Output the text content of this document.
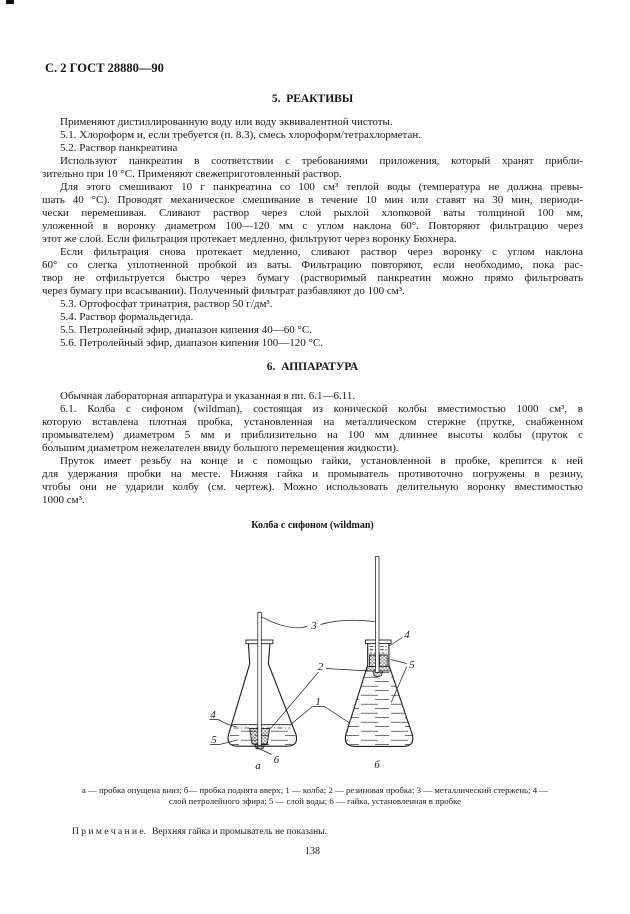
С. 2 ГОСТ 28880—90
5.  РЕАКТИВЫ
Применяют дистиллированную воду или воду эквивалентной чистоты.
5.1. Хлороформ и, если требуется (п. 8.3), смесь хлороформ/тетрахлорметан.
5.2. Раствор панкреатина
Используют панкреатин в соответствии с требованиями приложения, который хранят прибли-
зительно при 10 °С. Применяют свежеприготовленный раствор.
Для этого смешивают 10 г панкреатина со 100 см³ теплой воды (температура не должна превы-
шать 40 °С). Проводят механическое смешивание в течение 10 мин или ставят на 30 мин, периоди-
чески перемешивая. Сливают раствор через слой рыхлой хлопковой ваты толщиной 100 мм,
уложенной в воронку диаметром 100—120 мм с углом наклона 60°. Повторяют фильтрацию через
этот же слой. Если фильтрация протекает медленно, фильтруют через воронку Бюхнера.
Если фильтрация снова протекает медленно, сливают раствор через воронку с углом наклона
60° со слегка уплотненной пробкой из ваты. Фильтрацию повторяют, если необходимо, пока рас-
твор не отфильтруется быстро через бумагу (растворимый панкреатин можно прямо фильтровать
через бумагу при всасывании). Полученный фильтрат разбавляют до 100 см³.
5.3. Ортофосфат тринатрия, раствор 50 г/дм³.
5.4. Раствор формальдегида.
5.5. Петролейный эфир, диапазон кипения 40—60 °С.
5.6. Петролейный эфир, диапазон кипения 100—120 °С.
6.  АППАРАТУРА
Обычная лабораторная аппаратура и указанная в пп. 6.1—6.11.
6.1. Колба с сифоном (wildman), состоящая из конической колбы вместимостью 1000 см³, в
которую вставлена плотная пробка, установленная на металлическом стержне (прутке, снабженном
промывателем) диаметром 5 мм и приблизительно на 100 мм длиннее высоты колбы (пруток с
бо́льшим диаметром нежелателен ввиду большого перемещения жидкости).
Пруток имеет резьбу на конце и с помощью гайки, установленной в пробке, крепится к ней
для удержания пробки на месте. Нижняя гайка и промыватель противоточно погружены в резину,
чтобы они не ударили колбу (см. чертеж). Можно использовать делительную воронку вместимостью
1000 см³.
Колба с сифоном (wildman)
3
4
5
2
1
4
5
6
а	б
а — пробка опущена вниз; б— пробка поднята вверх; 1 — колба; 2 — резиновая пробка; 3 — металлический стержень; 4 —
слой петролейного эфира; 5 — слой воды; 6 — гайка, установленная в пробке
П р и м е ч а н и е. Верхняя гайка и промыватель не показаны.
138
